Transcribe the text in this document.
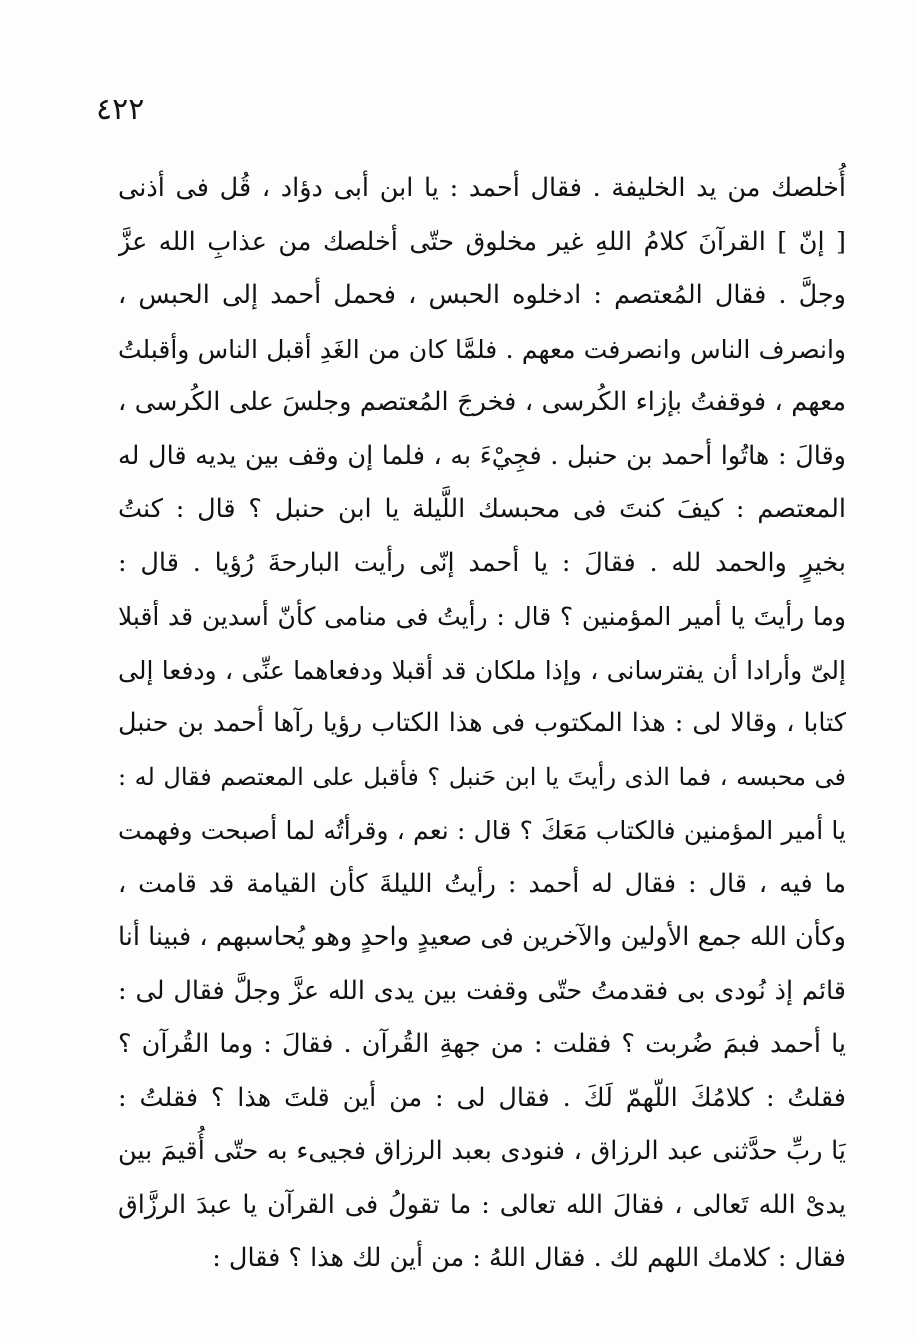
٤٢٢
أُخلصك من يد الخليفة . فقال أحمد : يا ابن أبى دؤاد ، قُل فى أذنى
[ إنّ ] القرآنَ كلامُ اللهِ غير مخلوق حتّى أخلصك من عذابِ الله عزَّ
وجلَّ . فقال المُعتصم : ادخلوه الحبس ، فحمل أحمد إلى الحبس ،
وانصرف الناس وانصرفت معهم . فلمَّا كان من الغَدِ أقبل الناس وأقبلتُ
معهم ، فوقفتُ بإزاء الكُرسى ، فخرجَ المُعتصم وجلسَ على الكُرسى ،
وقالَ : هاتُوا أحمد بن حنبل . فجِيْءَ به ، فلما إن وقف بين يديه قال له
المعتصم : كيفَ كنتَ فى محبسك اللَّيلة يا ابن حنبل ؟ قال : كنتُ
بخيرٍ والحمد لله . فقالَ : يا أحمد إنّى رأيت البارحةَ رُؤيا . قال :
وما رأيتَ يا أمير المؤمنين ؟ قال : رأيتُ فى منامى كأنّ أسدين قد أقبلا
إلىّ وأرادا أن يفترسانى ، وإذا ملكان قد أقبلا ودفعاهما عنِّى ، ودفعا إلى
كتابا ، وقالا لى : هذا المكتوب فى هذا الكتاب رؤيا رآها أحمد بن حنبل
فى محبسه ، فما الذى رأيتَ يا ابن حَنبل ؟ فأقبل على المعتصم فقال له :
يا أمير المؤمنين فالكتاب مَعَكَ ؟ قال : نعم ، وقرأتُه لما أصبحت وفهمت
ما فيه ، قال : فقال له أحمد : رأيتُ الليلةَ كأن القيامة قد قامت ،
وكأن الله جمع الأولين والآخرين فى صعيدٍ واحدٍ وهو يُحاسبهم ، فبينا أنا
قائم إذ نُودى بى فقدمتُ حتّى وقفت بين يدى الله عزَّ وجلَّ فقال لى :
يا أحمد فبمَ ضُربت ؟ فقلت : من جهةِ القُرآن . فقالَ : وما القُرآن ؟
فقلتُ : كلامُكَ اللّهمّ لَكَ . فقال لى : من أين قلتَ هذا ؟ فقلتُ :
يَا ربِّ حدَّثنى عبد الرزاق ، فنودى بعبد الرزاق فجيىء به حتّى أُقيمَ بين
يدىْ الله تَعالى ، فقالَ الله تعالى : ما تقولُ فى القرآن يا عبدَ الرزَّاق
فقال : كلامك اللهم لك . فقال اللهُ : من أين لك هذا ؟ فقال :
